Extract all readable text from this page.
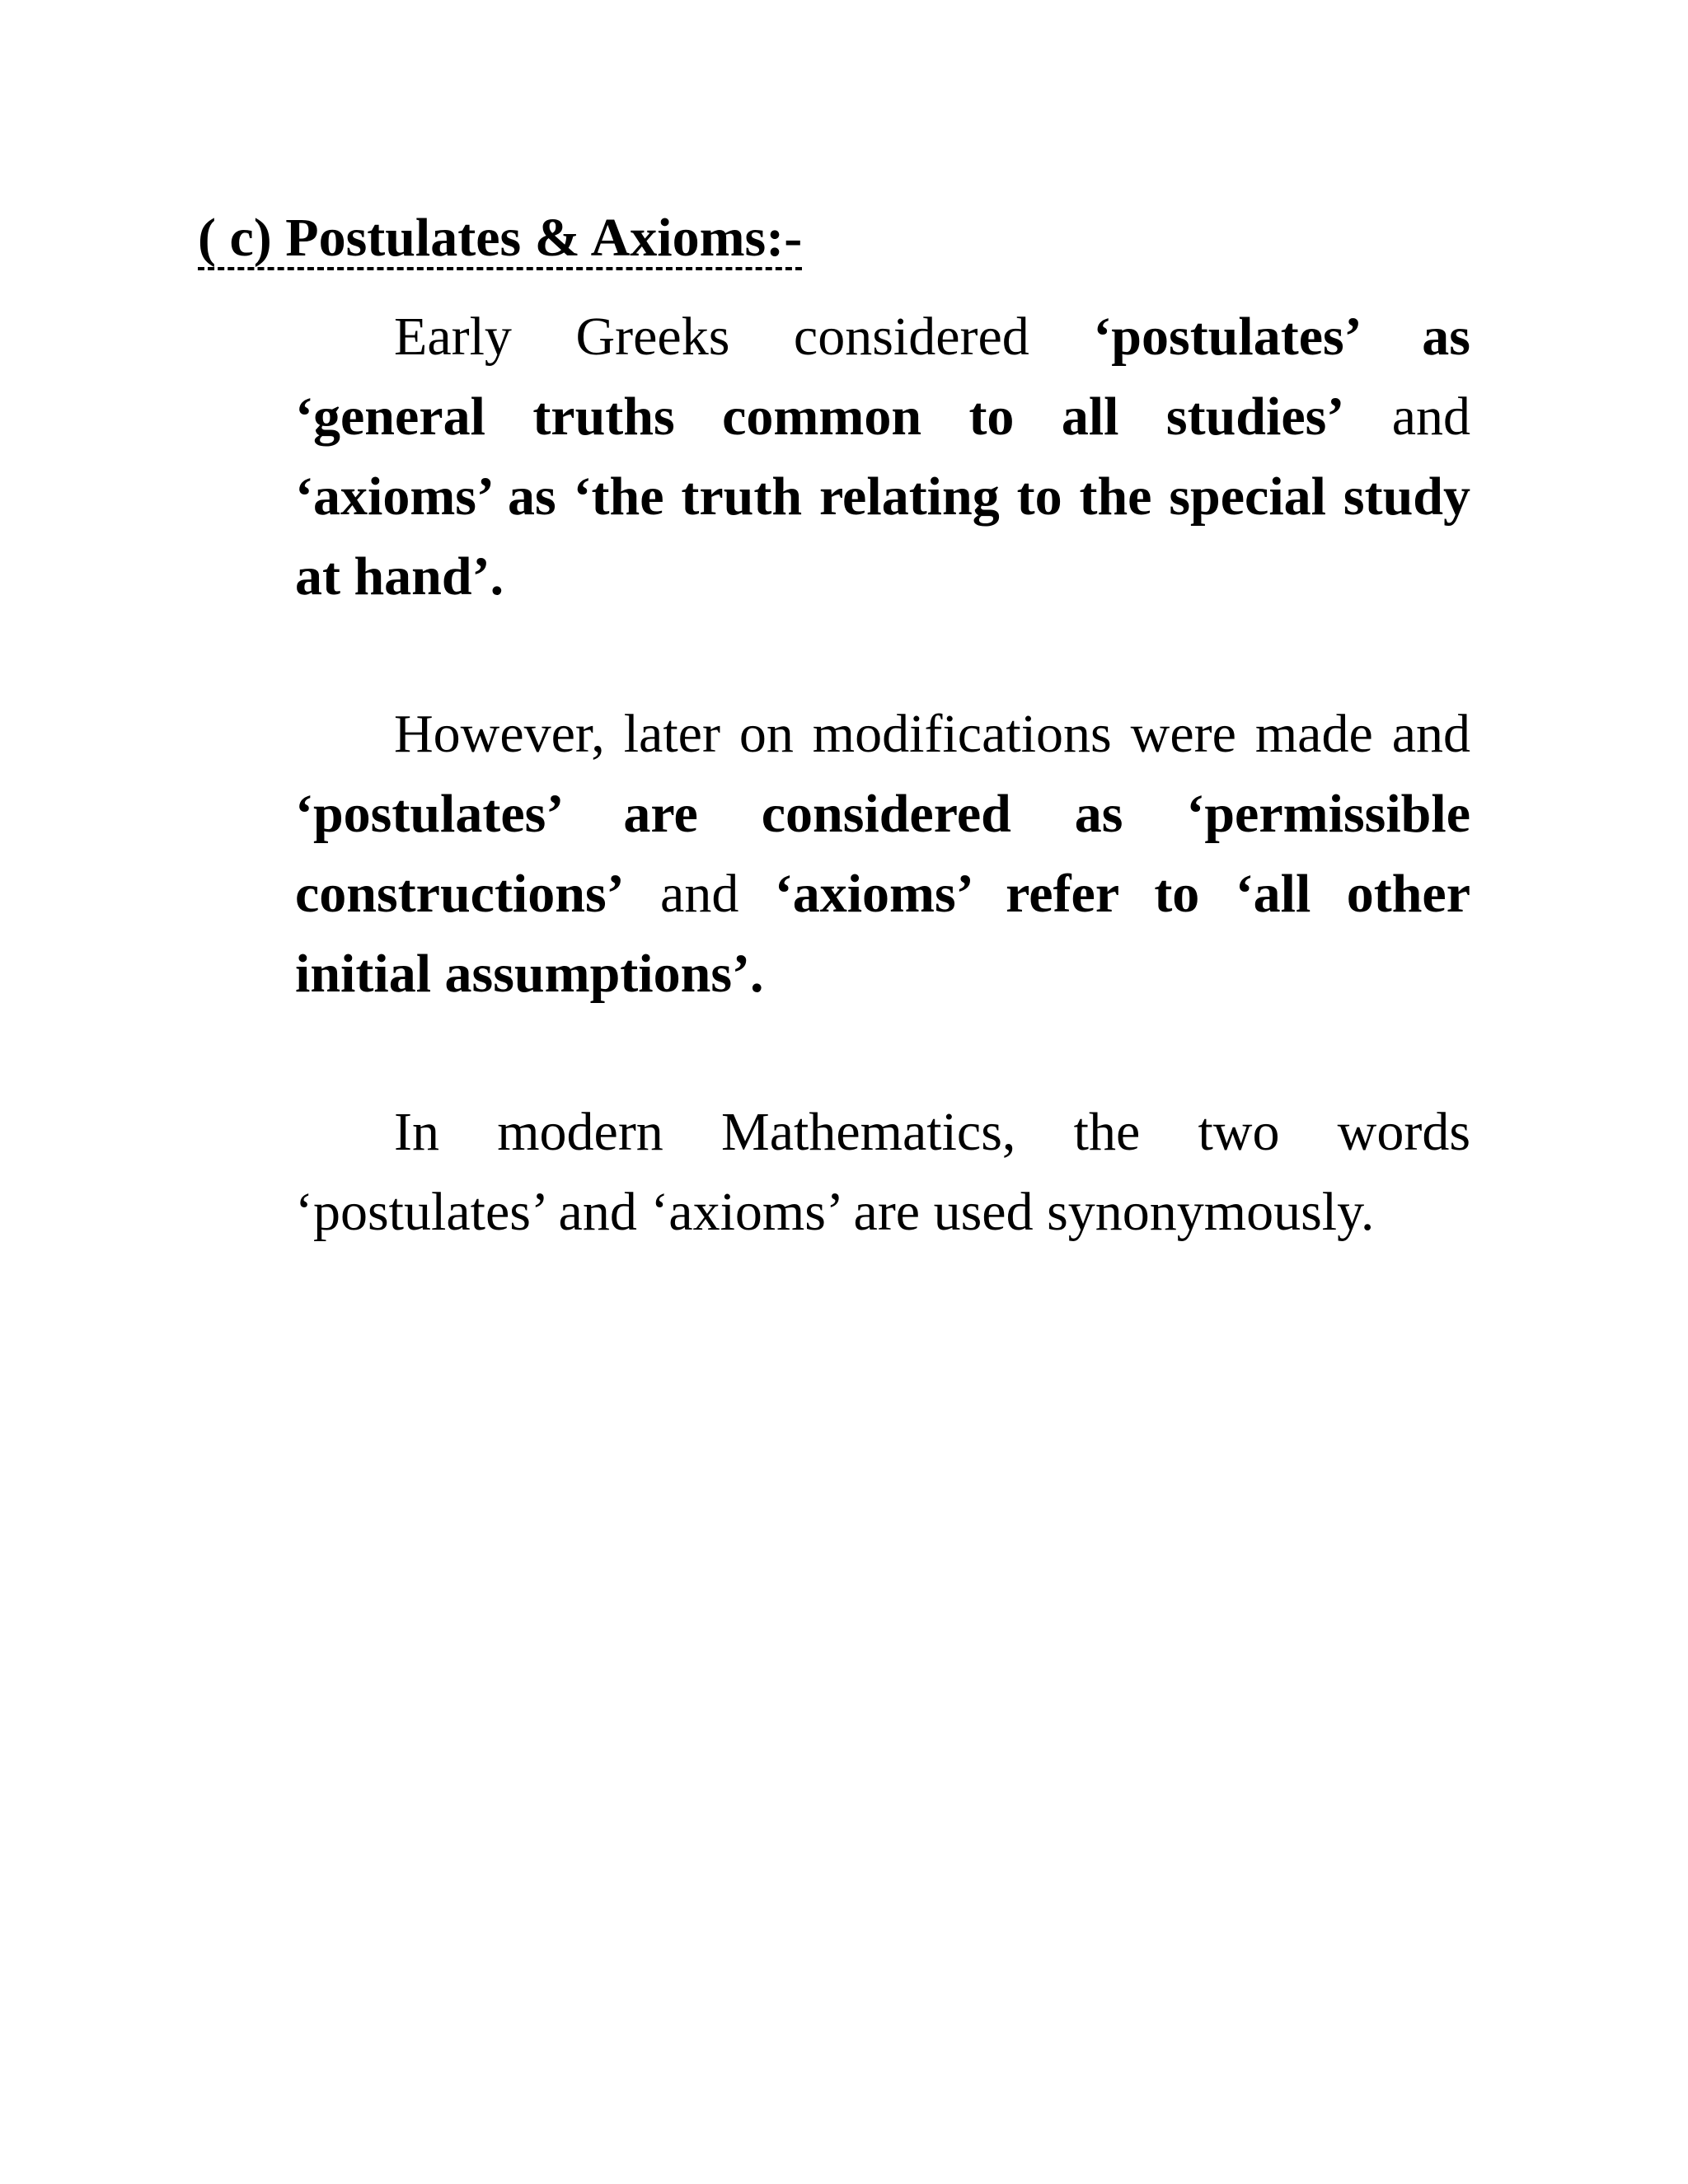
( c) Postulates & Axioms:-

Early Greeks considered ‘postulates’ as ‘general truths common to all studies’ and ‘axioms’ as ‘the truth relating to the special study at hand’.

However, later on modifications were made and ‘postulates’ are considered as ‘permissible constructions’ and ‘axioms’ refer to ‘all other initial assumptions’.

In modern Mathematics, the two words ‘postulates’ and ‘axioms’ are used synonymously.
